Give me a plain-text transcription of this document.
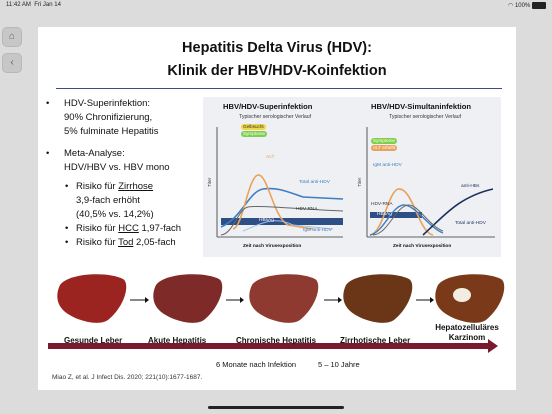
11:42 AM Fri Jan 14	◠ 100%
⌂
‹
Hepatitis Delta Virus (HDV):
Klinik der HBV/HDV-Koinfektion
• HDV-Superinfektion:
90% Chronifizierung,
5% fulminate Hepatitis
• Meta-Analyse:
HDV/HBV vs. HBV mono
• Risiko für Zirrhose
3,9-fach erhöht
(40,5% vs. 14,2%)
• Risiko für HCC 1,97-fach
• Risiko für Tod 2,05-fach
HBV/HDV-Superinfektion
Typischer serologischer Verlauf
Titer
Gelbsucht
Symptome
ALT
Total anti-HDV
HDV-RNA
HBsAg
IgM anti-HDV
Zeit nach Virusexposition
HBV/HDV-Simultaninfektion
Typischer serologischer Verlauf
Titer
Symptome
ALT erhöht
IgM anti-HDV
anti-HBs
HDV-RNA
HBsAg
Total anti-HDV
Zeit nach Virusexposition
Gesunde Leber	Akute Hepatitis	Chronische Hepatitis	Zirrhotische Leber
Hepatozelluläres Karzinom
6 Monate nach Infektion	5 – 10 Jahre
Miao Z, et al. J Infect Dis. 2020; 221(10):1677-1687.
